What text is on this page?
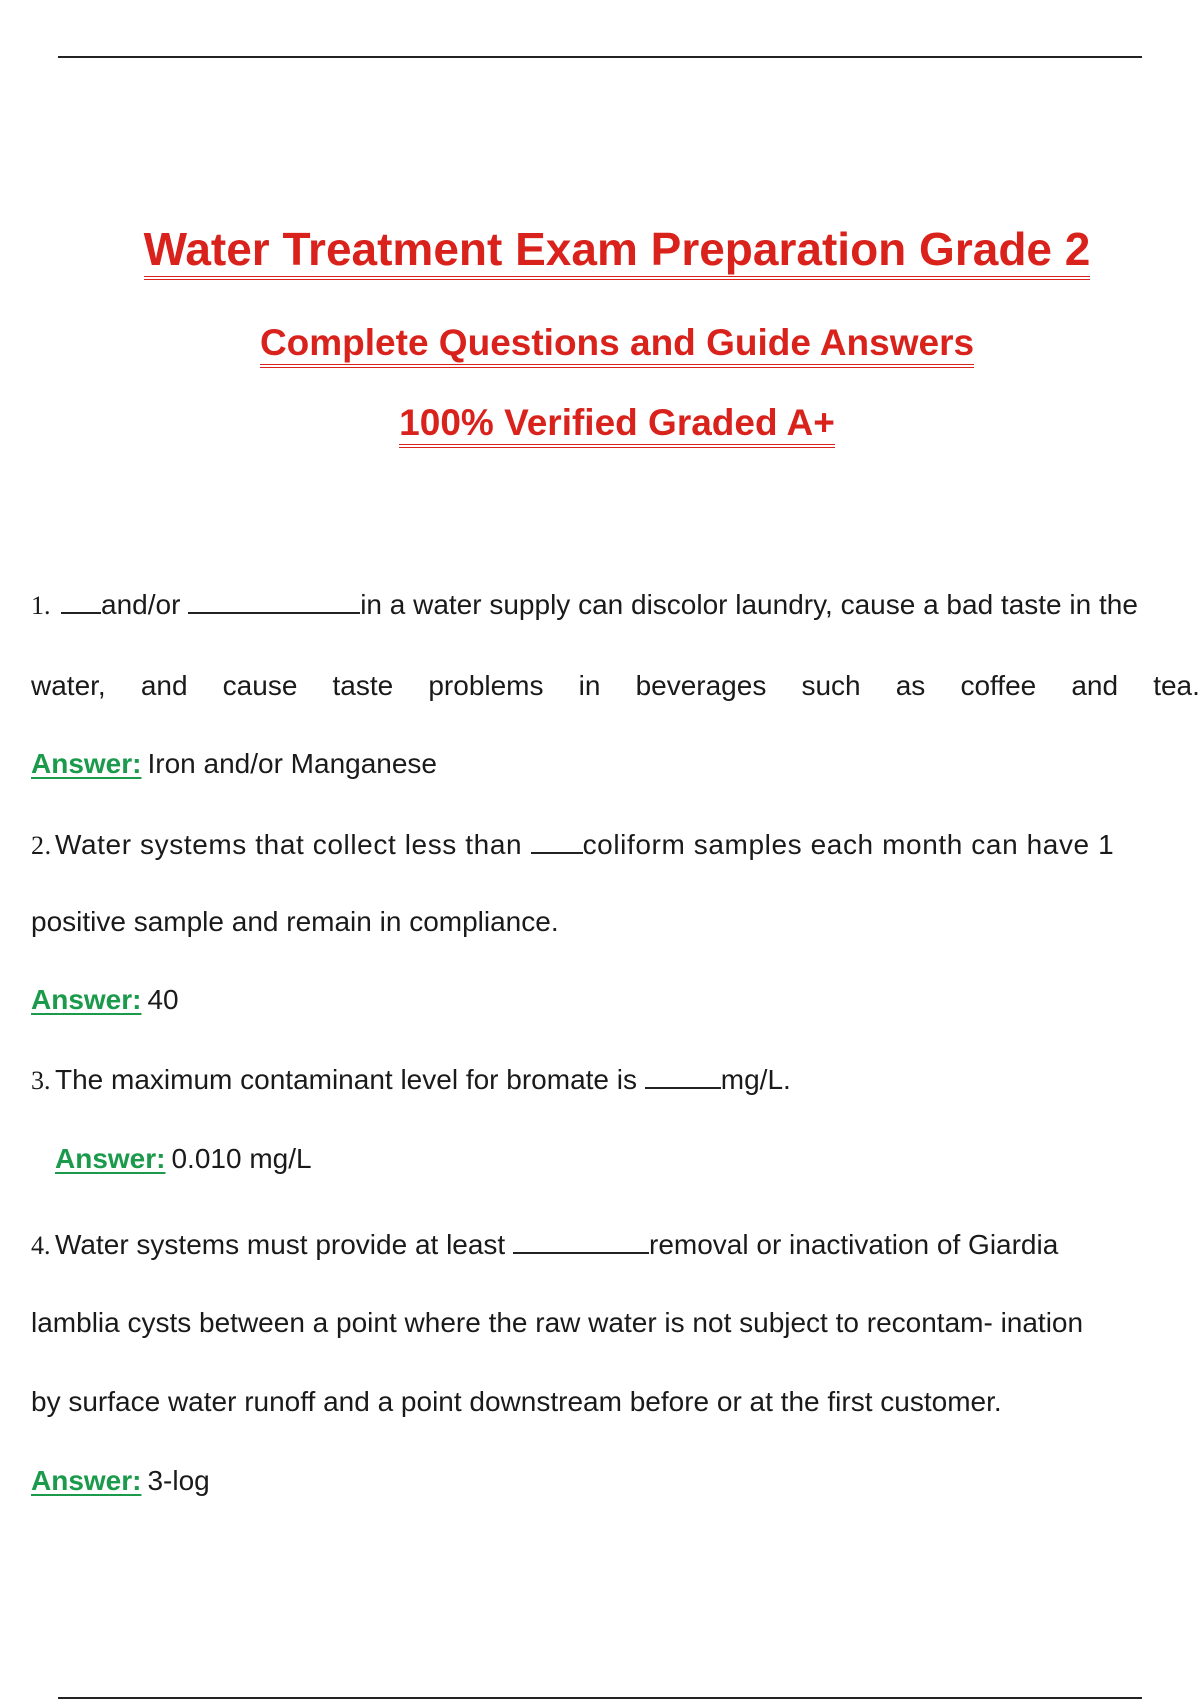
Water Treatment Exam Preparation Grade 2
Complete Questions and Guide Answers
100% Verified Graded A+
1. and/or	in a water supply can discolor laundry, cause a bad taste in the
water, and cause taste problems in beverages such as coffee and tea.
Answer: Iron and/or Manganese
2. Water systems that collect less than coliform samples each month can have 1
positive sample and remain in compliance.
Answer: 40
3. The maximum contaminant level for bromate is	mg/L.
Answer: 0.010 mg/L
4. Water systems must provide at least	removal or inactivation of Giardia
lamblia cysts between a point where the raw water is not subject to recontam- ination
by surface water runoff and a point downstream before or at the first customer.
Answer: 3-log
